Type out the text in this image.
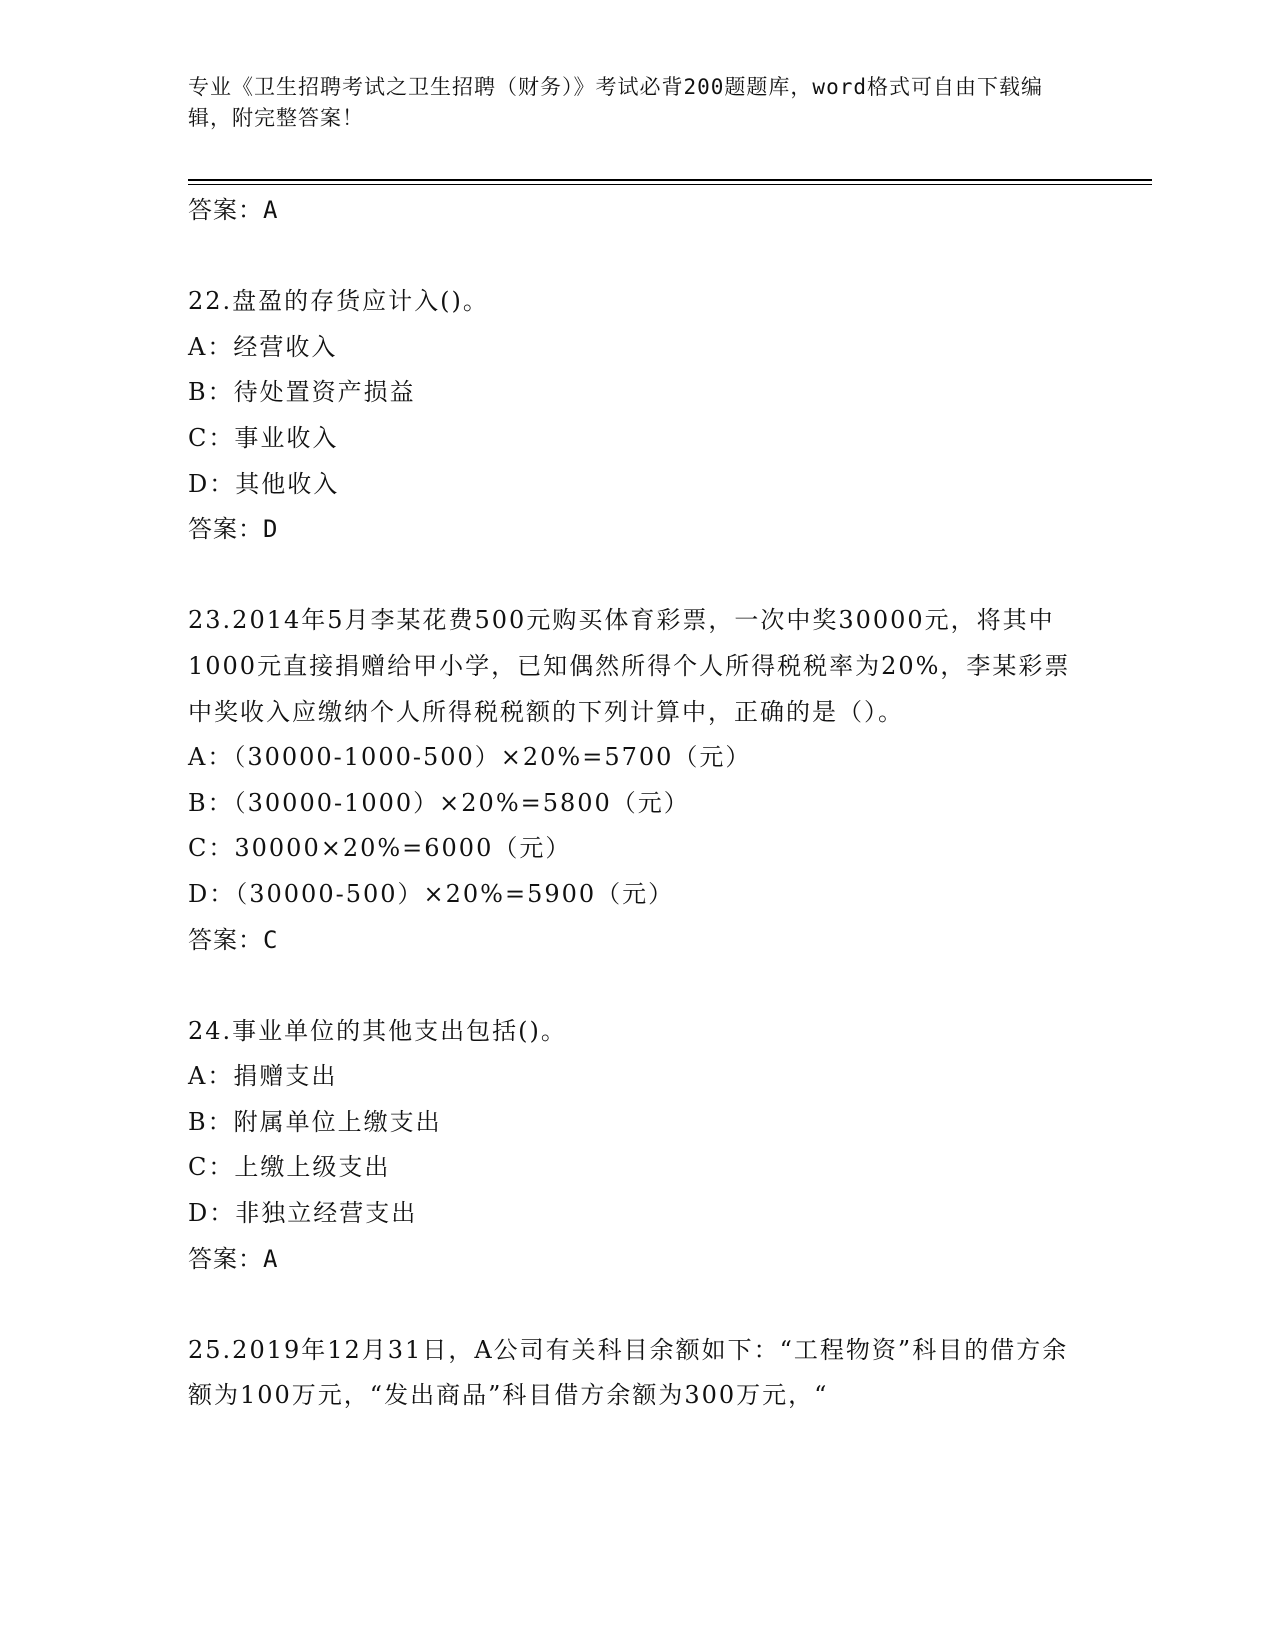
专业《卫生招聘考试之卫生招聘（财务）》考试必背200题题库，word格式可自由下载编辑，附完整答案！
答案：A
22.盘盈的存货应计入()。
A：经营收入
B：待处置资产损益
C：事业收入
D：其他收入
答案：D
23.2014年5月李某花费500元购买体育彩票，一次中奖30000元，将其中1000元直接捐赠给甲小学，已知偶然所得个人所得税税率为20%，李某彩票中奖收入应缴纳个人所得税税额的下列计算中，正确的是（）。
A：（30000-1000-500）×20%=5700（元）
B：（30000-1000）×20%=5800（元）
C：30000×20%=6000（元）
D：（30000-500）×20%=5900（元）
答案：C
24.事业单位的其他支出包括()。
A：捐赠支出
B：附属单位上缴支出
C：上缴上级支出
D：非独立经营支出
答案：A
25.2019年12月31日，A公司有关科目余额如下：“工程物资”科目的借方余额为100万元，“发出商品”科目借方余额为300万元，“
